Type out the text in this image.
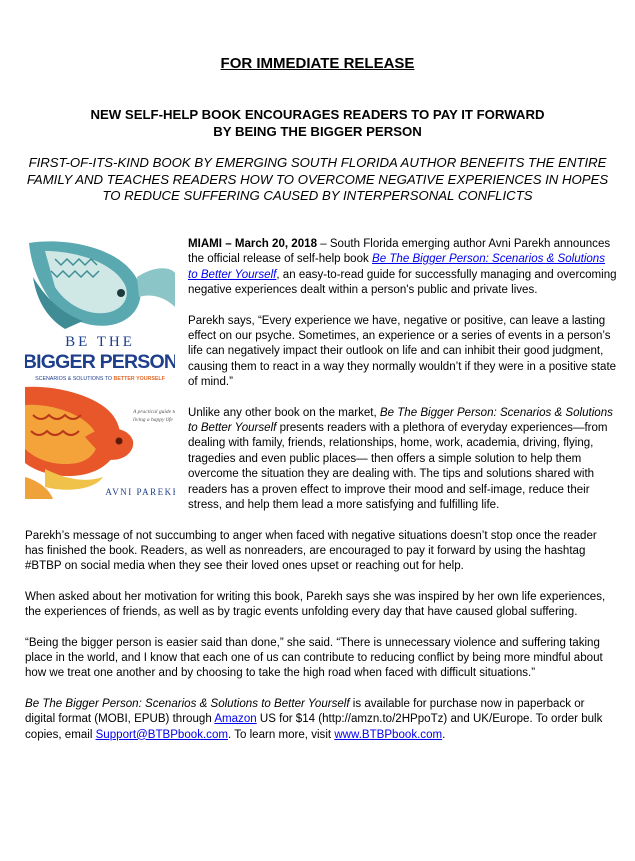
FOR IMMEDIATE RELEASE
NEW SELF-HELP BOOK ENCOURAGES READERS TO PAY IT FORWARD
BY BEING THE BIGGER PERSON
FIRST-OF-ITS-KIND BOOK BY EMERGING SOUTH FLORIDA AUTHOR BENEFITS THE ENTIRE FAMILY AND TEACHES READERS HOW TO OVERCOME NEGATIVE EXPERIENCES IN HOPES TO REDUCE SUFFERING CAUSED BY INTERPERSONAL CONFLICTS
BE THE
BIGGER PERSON
SCENARIOS & SOLUTIONS TO BETTER YOURSELF
A practical guide to
living a happy life
AVNI PAREKH

MIAMI – March 20, 2018 – South Florida emerging author Avni Parekh announces the official release of self-help book Be The Bigger Person: Scenarios & Solutions to Better Yourself, an easy-to-read guide for successfully managing and overcoming negative experiences dealt within a person's public and private lives.

Parekh says, “Every experience we have, negative or positive, can leave a lasting effect on our psyche. Sometimes, an experience or a series of events in a person’s life can negatively impact their outlook on life and can inhibit their good judgment, causing them to react in a way they normally wouldn’t if they were in a positive state of mind.”

Unlike any other book on the market, Be The Bigger Person: Scenarios & Solutions to Better Yourself presents readers with a plethora of everyday experiences—from dealing with family, friends, relationships, home, work, academia, driving, flying, tragedies and even public places— then offers a simple solution to help them overcome the situation they are dealing with. The tips and solutions shared with readers has a proven effect to improve their mood and self-image, reduce their stress, and help them lead a more satisfying and fulfilling life.

Parekh’s message of not succumbing to anger when faced with negative situations doesn’t stop once the reader has finished the book. Readers, as well as nonreaders, are encouraged to pay it forward by using the hashtag #BTBP on social media when they see their loved ones upset or reaching out for help.

When asked about her motivation for writing this book, Parekh says she was inspired by her own life experiences, the experiences of friends, as well as by tragic events unfolding every day that have caused global suffering.

“Being the bigger person is easier said than done,” she said. “There is unnecessary violence and suffering taking place in the world, and I know that each one of us can contribute to reducing conflict by being more mindful about how we treat one another and by choosing to take the high road when faced with difficult situations.”

Be The Bigger Person: Scenarios & Solutions to Better Yourself is available for purchase now in paperback or digital format (MOBI, EPUB) through Amazon US for $14 (http://amzn.to/2HPpoTz) and UK/Europe. To order bulk copies, email Support@BTBPbook.com. To learn more, visit www.BTBPbook.com.
